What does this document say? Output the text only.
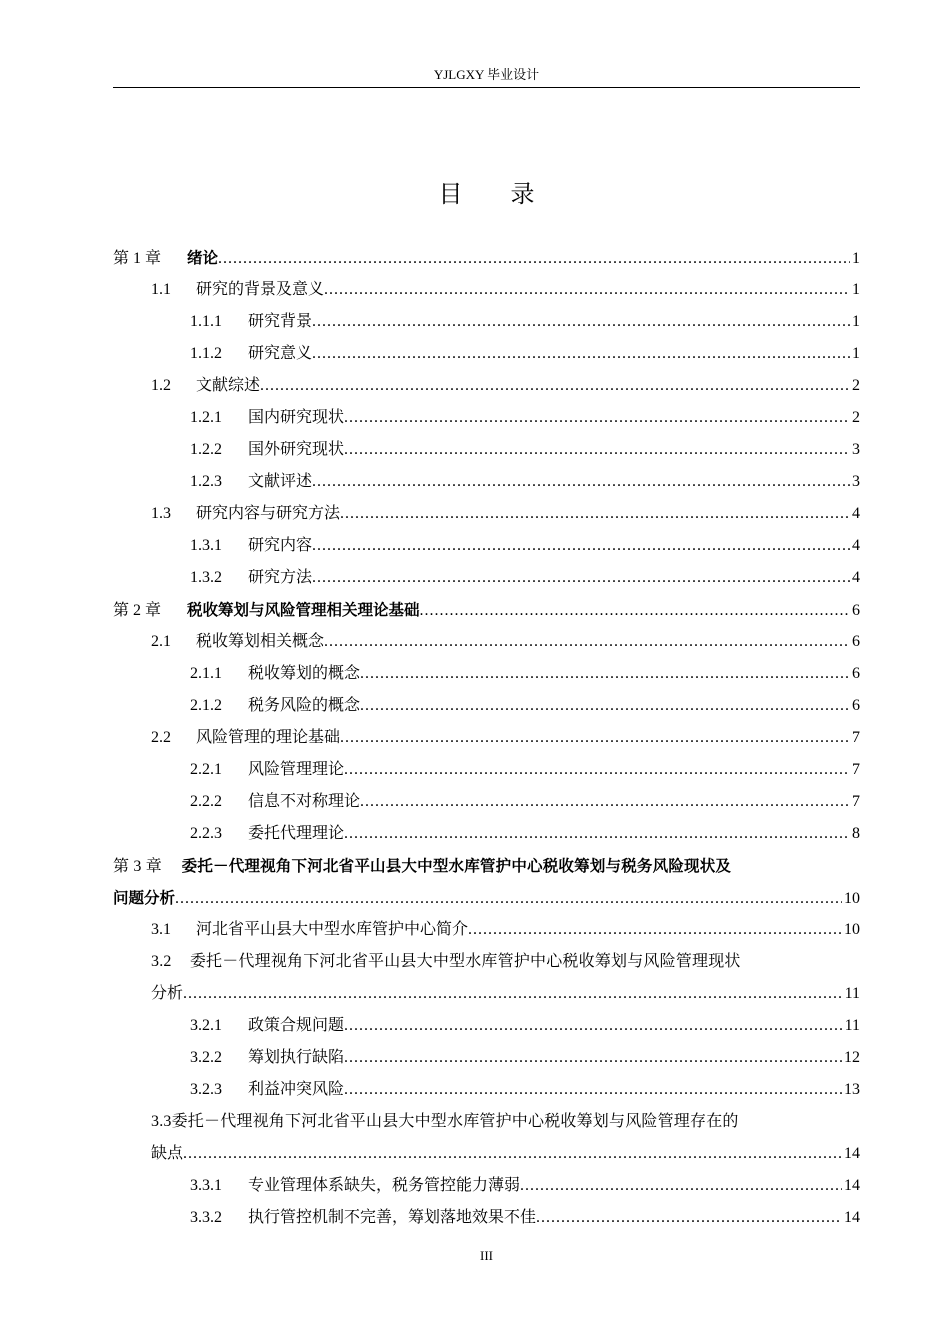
YJLGXY 毕业设计
目录
第 1 章	绪论 .....	1
1.1	研究的背景及意义 .....	1
1.1.1	研究背景 .....	1
1.1.2	研究意义 .....	1
1.2	文献综述 .....	2
1.2.1	国内研究现状 .....	2
1.2.2	国外研究现状 .....	3
1.2.3	文献评述 .....	3
1.3	研究内容与研究方法 .....	4
1.3.1	研究内容 .....	4
1.3.2	研究方法 .....	4
第 2 章	税收筹划与风险管理相关理论基础 .....	6
2.1	税收筹划相关概念 .....	6
2.1.1	税收筹划的概念 .....	6
2.1.2	税务风险的概念 .....	6
2.2	风险管理的理论基础 .....	7
2.2.1	风险管理理论 .....	7
2.2.2	信息不对称理论 .....	7
2.2.3	委托代理理论 .....	8
第 3 章 委托－代理视角下河北省平山县大中型水库管护中心税收筹划与税务风险现状及
问题分析 .....	10
3.1	河北省平山县大中型水库管护中心简介 .....	10
3.2 委托－代理视角下河北省平山县大中型水库管护中心税收筹划与风险管理现状
分析 .....	11
3.2.1	政策合规问题 .....	11
3.2.2	筹划执行缺陷 .....	12
3.2.3	利益冲突风险 .....	13
3.3委托－代理视角下河北省平山县大中型水库管护中心税收筹划与风险管理存在的
缺点 .....	14
3.3.1	专业管理体系缺失，税务管控能力薄弱 .....	14
3.3.2	执行管控机制不完善，筹划落地效果不佳 .....	14
III
